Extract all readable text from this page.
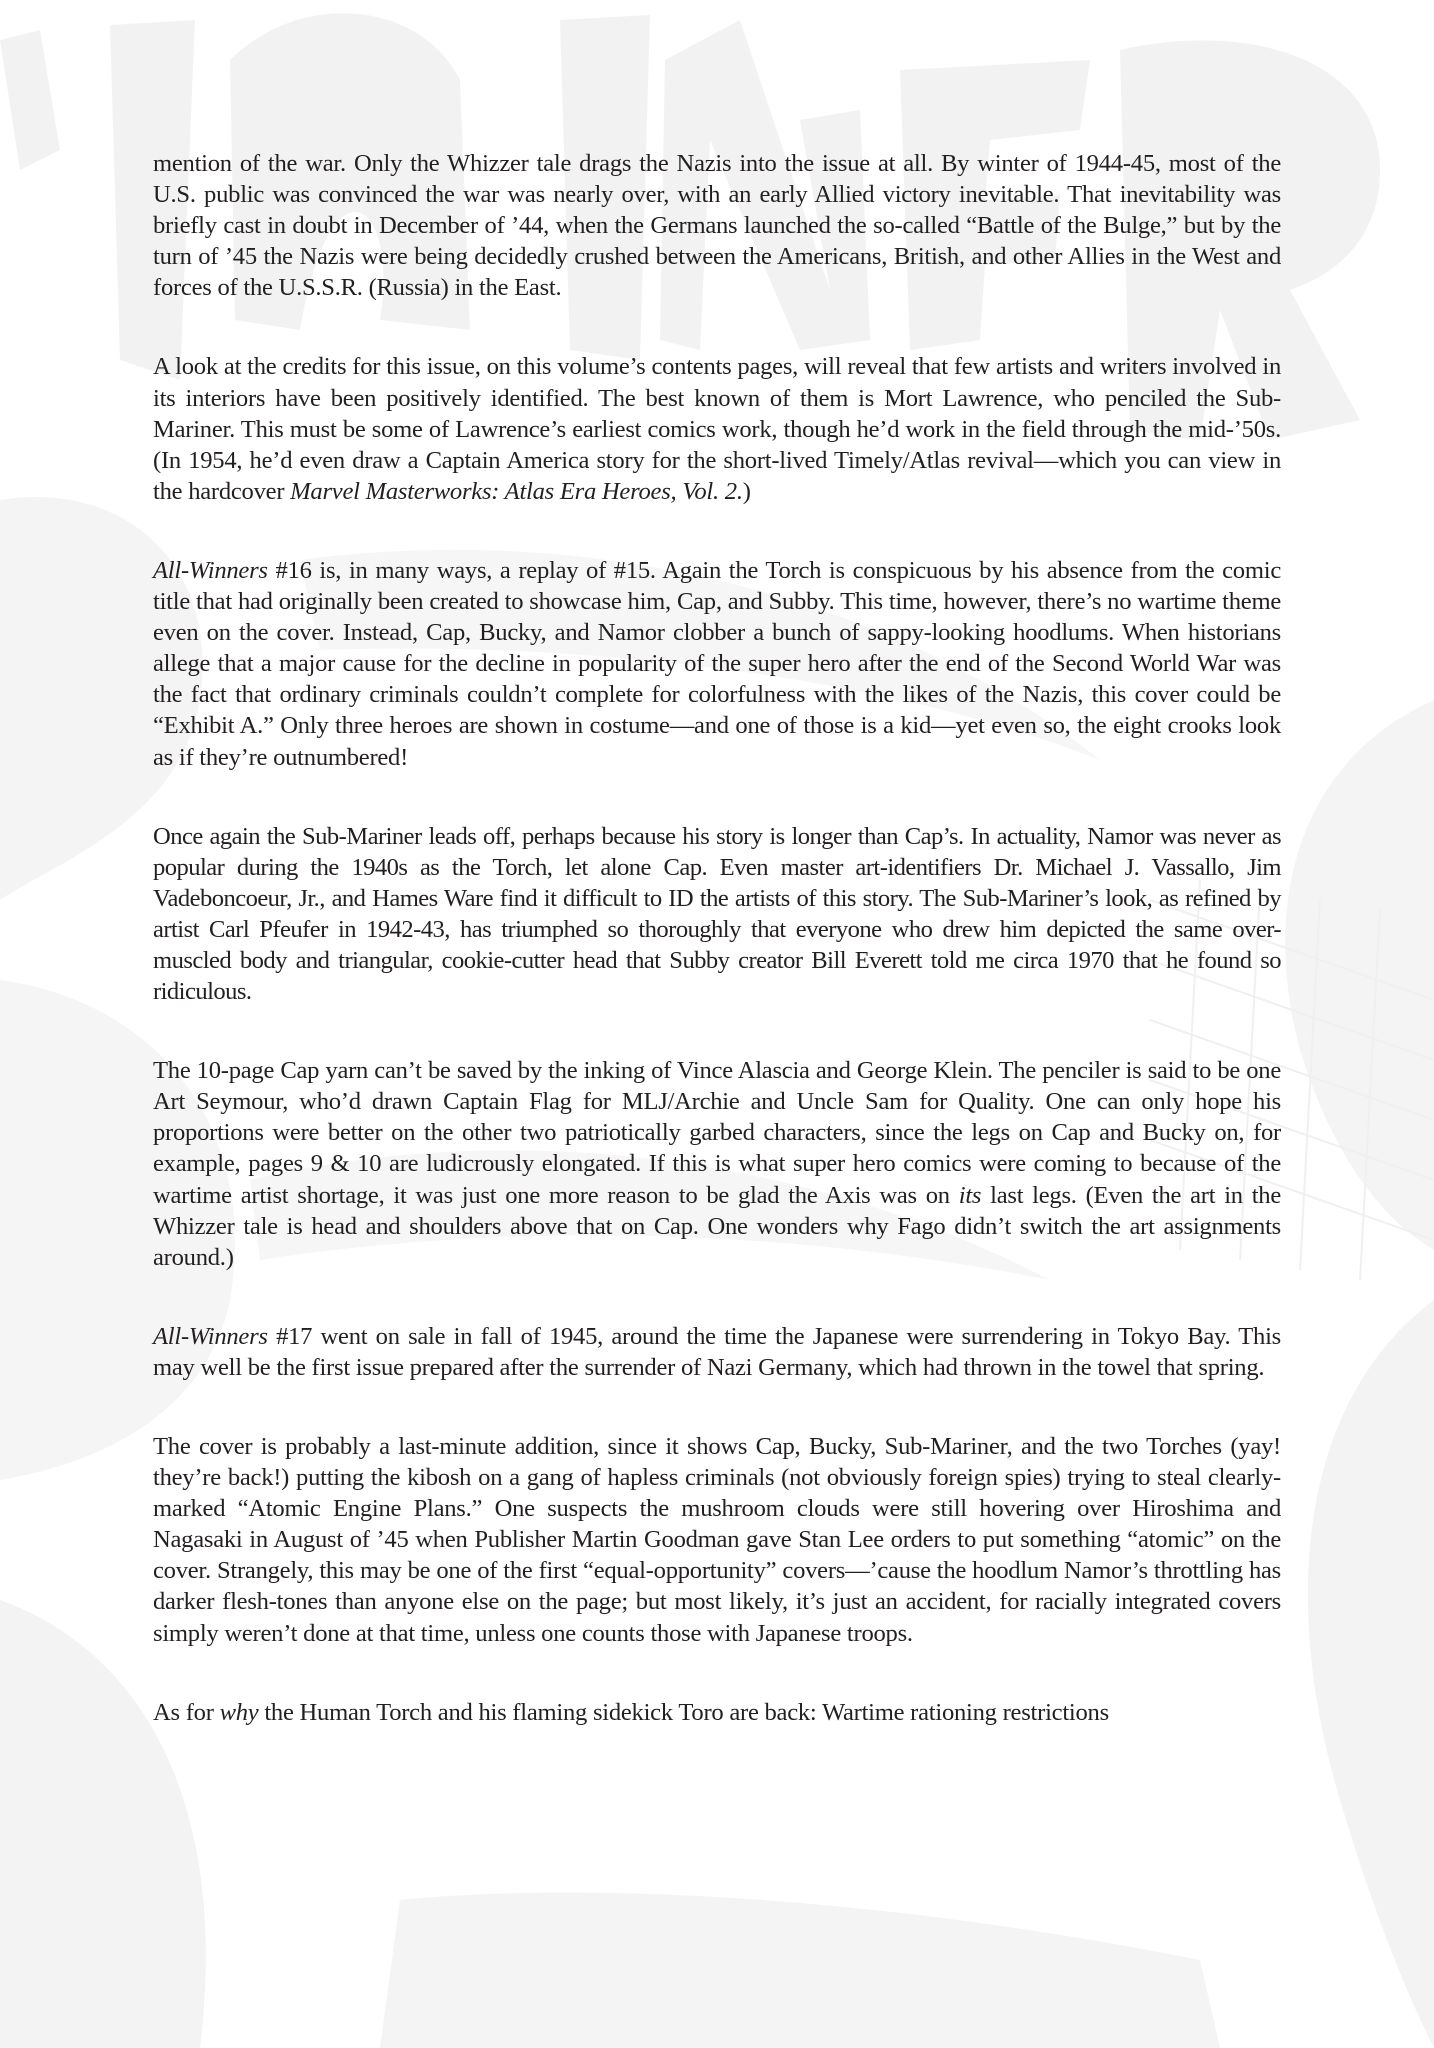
mention of the war. Only the Whizzer tale drags the Nazis into the issue at all. By winter of 1944-45, most of the U.S. public was convinced the war was nearly over, with an early Allied victory inevitable. That inevitability was briefly cast in doubt in December of ’44, when the Germans launched the so-called “Battle of the Bulge,” but by the turn of ’45 the Nazis were being decidedly crushed between the Americans, British, and other Allies in the West and forces of the U.S.S.R. (Russia) in the East.

A look at the credits for this issue, on this volume’s contents pages, will reveal that few artists and writers involved in its interiors have been positively identified. The best known of them is Mort Lawrence, who penciled the Sub-Mariner. This must be some of Lawrence’s earliest comics work, though he’d work in the field through the mid-’50s. (In 1954, he’d even draw a Captain America story for the short-lived Timely/Atlas revival—which you can view in the hardcover Marvel Masterworks: Atlas Era Heroes, Vol. 2.)

All-Winners #16 is, in many ways, a replay of #15. Again the Torch is conspicuous by his absence from the comic title that had originally been created to showcase him, Cap, and Subby. This time, however, there’s no wartime theme even on the cover. Instead, Cap, Bucky, and Namor clobber a bunch of sappy-looking hoodlums. When historians allege that a major cause for the decline in popularity of the super hero after the end of the Second World War was the fact that ordinary criminals couldn’t complete for colorfulness with the likes of the Nazis, this cover could be “Exhibit A.” Only three heroes are shown in costume—and one of those is a kid—yet even so, the eight crooks look as if they’re outnumbered!

Once again the Sub-Mariner leads off, perhaps because his story is longer than Cap’s. In actuality, Namor was never as popular during the 1940s as the Torch, let alone Cap. Even master art-identifiers Dr. Michael J. Vassallo, Jim Vadeboncoeur, Jr., and Hames Ware find it difficult to ID the artists of this story. The Sub-Mariner’s look, as refined by artist Carl Pfeufer in 1942-43, has triumphed so thoroughly that everyone who drew him depicted the same over-muscled body and triangular, cookie-cutter head that Subby creator Bill Everett told me circa 1970 that he found so ridiculous.

The 10-page Cap yarn can’t be saved by the inking of Vince Alascia and George Klein. The penciler is said to be one Art Seymour, who’d drawn Captain Flag for MLJ/Archie and Uncle Sam for Quality. One can only hope his proportions were better on the other two patriotically garbed characters, since the legs on Cap and Bucky on, for example, pages 9 & 10 are ludicrously elongated. If this is what super hero comics were coming to because of the wartime artist shortage, it was just one more reason to be glad the Axis was on its last legs. (Even the art in the Whizzer tale is head and shoulders above that on Cap. One wonders why Fago didn’t switch the art assignments around.)

All-Winners #17 went on sale in fall of 1945, around the time the Japanese were surrendering in Tokyo Bay. This may well be the first issue prepared after the surrender of Nazi Germany, which had thrown in the towel that spring.

The cover is probably a last-minute addition, since it shows Cap, Bucky, Sub-Mariner, and the two Torches (yay! they’re back!) putting the kibosh on a gang of hapless criminals (not obviously foreign spies) trying to steal clearly-marked “Atomic Engine Plans.” One suspects the mushroom clouds were still hovering over Hiroshima and Nagasaki in August of ’45 when Publisher Martin Goodman gave Stan Lee orders to put something “atomic” on the cover. Strangely, this may be one of the first “equal-opportunity” covers—’cause the hoodlum Namor’s throttling has darker flesh-tones than anyone else on the page; but most likely, it’s just an accident, for racially integrated covers simply weren’t done at that time, unless one counts those with Japanese troops.

As for why the Human Torch and his flaming sidekick Toro are back: Wartime rationing restrictions
